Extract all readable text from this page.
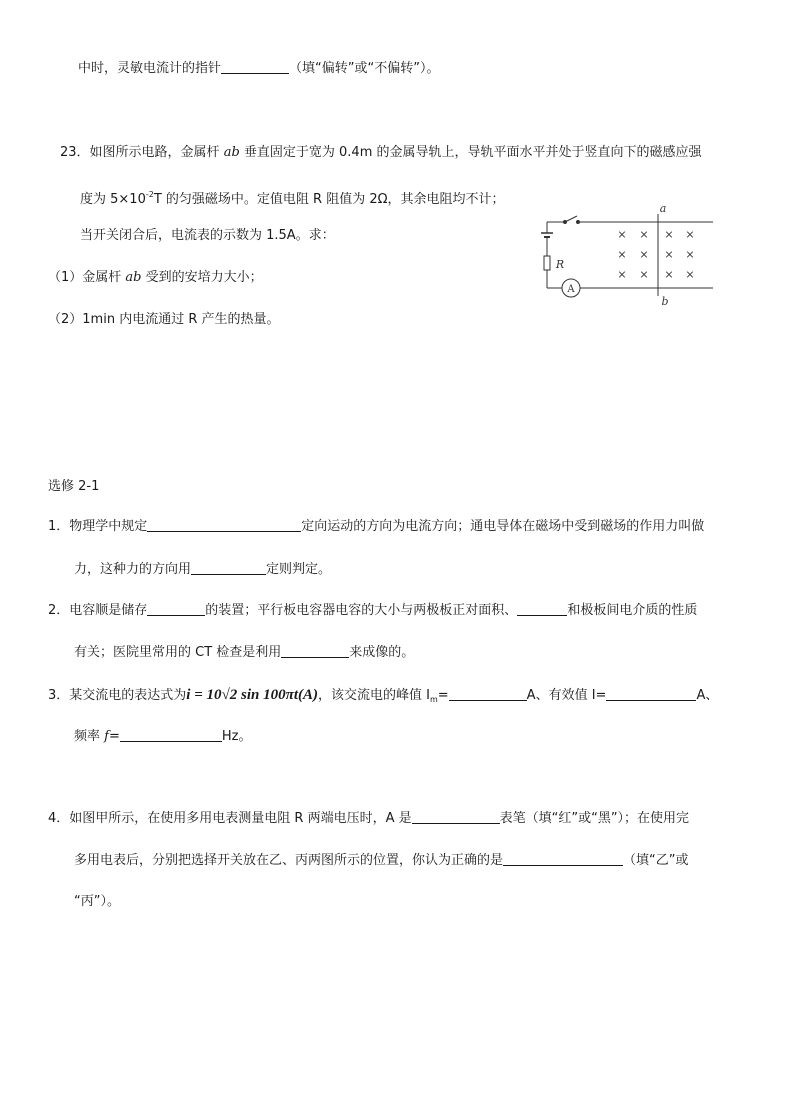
中时，灵敏电流计的指针	（填“偏转”或“不偏转”）。
23．如图所示电路，金属杆 ab 垂直固定于宽为 0.4m 的金属导轨上，导轨平面水平并处于竖直向下的磁感应强
度为 $5\times 10^{-2}T$ 的匀强磁场中。定值电阻 R 阻值为 2Ω，其余电阻均不计；
当开关闭合后，电流表的示数为 1.5A。求：
（1）金属杆 ab 受到的安培力大小；
（2）1min 内电流通过 R 产生的热量。
a
b
R
A
× × × ×
× × × ×
× × × ×
选修 2-1
1．物理学中规定	定向运动的方向为电流方向；通电导体在磁场中受到磁场的作用力叫做
力，这种力的方向用	定则判定。
2．电容顺是储存	的装置；平行板电容器电容的大小与两极板正对面积、	和极板间电介质的性质
有关；医院里常用的 CT 检查是利用	来成像的。
3．某交流电的表达式为i = 10√2 sin 100πt(A)，该交流电的峰值 $I_m=$	A、有效值 I=	A、
频率 f=	Hz。
4．如图甲所示，在使用多用电表测量电阻 R 两端电压时，A 是	表笔（填“红”或“黑”）；在使用完
多用电表后，分别把选择开关放在乙、丙两图所示的位置，你认为正确的是	（填“乙”或
“丙”）。
